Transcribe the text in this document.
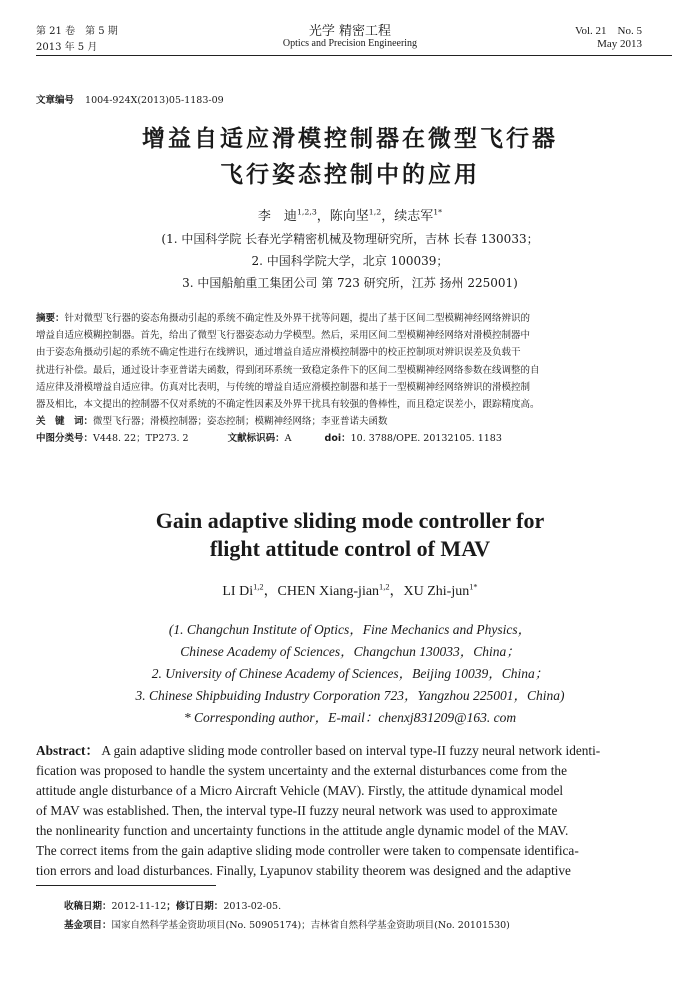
第 21 卷　第 5 期
2013 年 5 月
光学 精密工程
Optics and Precision Engineering
Vol. 21　No. 5
May 2013
文章编号 1004-924X(2013)05-1183-09
增益自适应滑模控制器在微型飞行器
飞行姿态控制中的应用
李　迪$^{1,2,3}$，陈向坚$^{1,2}$，续志军$^{1*}$
(1. 中国科学院 长春光学精密机械及物理研究所，吉林 长春 130033；
2. 中国科学院大学，北京 100039；
3. 中国船舶重工集团公司 第 723 研究所，江苏 扬州 225001)
摘要：针对微型飞行器的姿态角摄动引起的系统不确定性及外界干扰等问题，提出了基于区间二型模糊神经网络辨识的
增益自适应模糊控制器。首先，给出了微型飞行器姿态动力学模型。然后，采用区间二型模糊神经网络对滑模控制器中
由于姿态角摄动引起的系统不确定性进行在线辨识，通过增益自适应滑模控制器中的校正控制项对辨识误差及负载干
扰进行补偿。最后，通过设计李亚普诺夫函数，得到闭环系统一致稳定条件下的区间二型模糊神经网络参数在线调整的自
适应律及滑模增益自适应律。仿真对比表明，与传统的增益自适应滑模控制器和基于一型模糊神经网络辨识的滑模控制
器及相比，本文提出的控制器不仅对系统的不确定性因素及外界干扰具有较强的鲁棒性，而且稳定误差小，跟踪精度高。
关　键　词：微型飞行器；滑模控制器；姿态控制；模糊神经网络；李亚普诺夫函数
中图分类号：V448. 22；TP273. 2	文献标识码：A	doi：10. 3788/OPE. 20132105. 1183
Gain adaptive sliding mode controller for
flight attitude control of MAV
LI Di$^{1,2}$，CHEN Xiang-jian$^{1,2}$，XU Zhi-jun$^{1*}$
(1. Changchun Institute of Optics，Fine Mechanics and Physics，
Chinese Academy of Sciences，Changchun 130033，China；
2. University of Chinese Academy of Sciences，Beijing 10039，China；
3. Chinese Shipbuiding Industry Corporation 723，Yangzhou 225001，China)
* Corresponding author，E-mail：chenxj831209@163. com
Abstract： A gain adaptive sliding mode controller based on interval type-II fuzzy neural network identi-
fication was proposed to handle the system uncertainty and the external disturbances come from the
attitude angle disturbance of a Micro Aircraft Vehicle (MAV). Firstly, the attitude dynamical model
of MAV was established. Then, the interval type-II fuzzy neural network was used to approximate
the nonlinearity function and uncertainty functions in the attitude angle dynamic model of the MAV.
The correct items from the gain adaptive sliding mode controller were taken to compensate identifica-
tion errors and load disturbances. Finally, Lyapunov stability theorem was designed and the adaptive
收稿日期：2012-11-12；修订日期：2013-02-05.
基金项目：国家自然科学基金资助项目(No. 50905174)；吉林省自然科学基金资助项目(No. 20101530)
